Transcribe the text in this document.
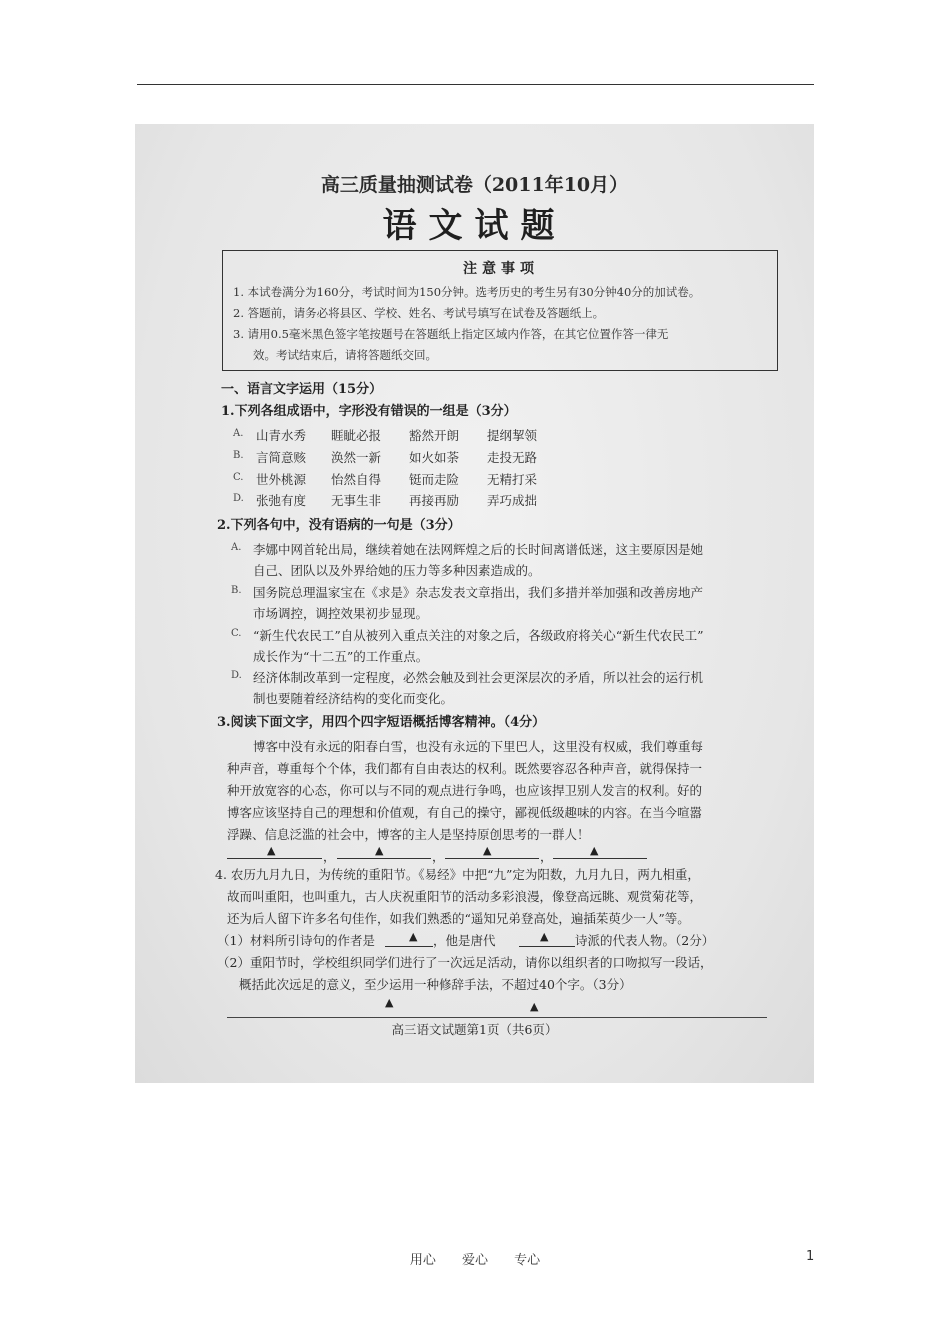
高三质量抽测试卷（2011年10月）
语文试题
注意事项
1. 本试卷满分为160分，考试时间为150分钟。选考历史的考生另有30分钟40分的加试卷。
2. 答题前，请务必将县区、学校、姓名、考试号填写在试卷及答题纸上。
3. 请用0.5毫米黑色签字笔按题号在答题纸上指定区域内作答，在其它位置作答一律无
效。考试结束后，请将答题纸交回。
一、语言文字运用（15分）
1.下列各组成语中，字形没有错误的一组是（3分）
A. 山青水秀 睚眦必报 豁然开朗 提纲挈领
B. 言简意赅 涣然一新 如火如荼 走投无路
C. 世外桃源 怡然自得 铤而走险 无精打采
D. 张弛有度 无事生非 再接再励 弄巧成拙
2.下列各句中，没有语病的一句是（3分）
A. 李娜中网首轮出局，继续着她在法网辉煌之后的长时间离谱低迷，这主要原因是她
自己、团队以及外界给她的压力等多种因素造成的。
B. 国务院总理温家宝在《求是》杂志发表文章指出，我们多措并举加强和改善房地产
市场调控，调控效果初步显现。
C. “新生代农民工”自从被列入重点关注的对象之后，各级政府将关心“新生代农民工”
成长作为“十二五”的工作重点。
D. 经济体制改革到一定程度，必然会触及到社会更深层次的矛盾，所以社会的运行机
制也要随着经济结构的变化而变化。
3.阅读下面文字，用四个四字短语概括博客精神。（4分）
博客中没有永远的阳春白雪，也没有永远的下里巴人，这里没有权威，我们尊重每
种声音，尊重每个个体，我们都有自由表达的权利。既然要容忍各种声音，就得保持一
种开放宽容的心态，你可以与不同的观点进行争鸣，也应该捍卫别人发言的权利。好的
博客应该坚持自己的理想和价值观，有自己的操守，鄙视低级趣味的内容。在当今喧嚣
浮躁、信息泛滥的社会中，博客的主人是坚持原创思考的一群人！
▲	，	▲	，	▲	，	▲
4. 农历九月九日，为传统的重阳节。《易经》中把“九”定为阳数，九月九日，两九相重，
故而叫重阳，也叫重九，古人庆祝重阳节的活动多彩浪漫，像登高远眺、观赏菊花等，
还为后人留下许多名句佳作，如我们熟悉的“遥知兄弟登高处，遍插茱萸少一人”等。
（1）材料所引诗句的作者是	▲ ，他是唐代	▲ 诗派的代表人物。（2分）
（2）重阳节时，学校组织同学们进行了一次远足活动，请你以组织者的口吻拟写一段话，
概括此次远足的意义，至少运用一种修辞手法，不超过40个字。（3分）
▲	▲
高三语文试题第1页（共6页）
用心 爱心 专心	1
